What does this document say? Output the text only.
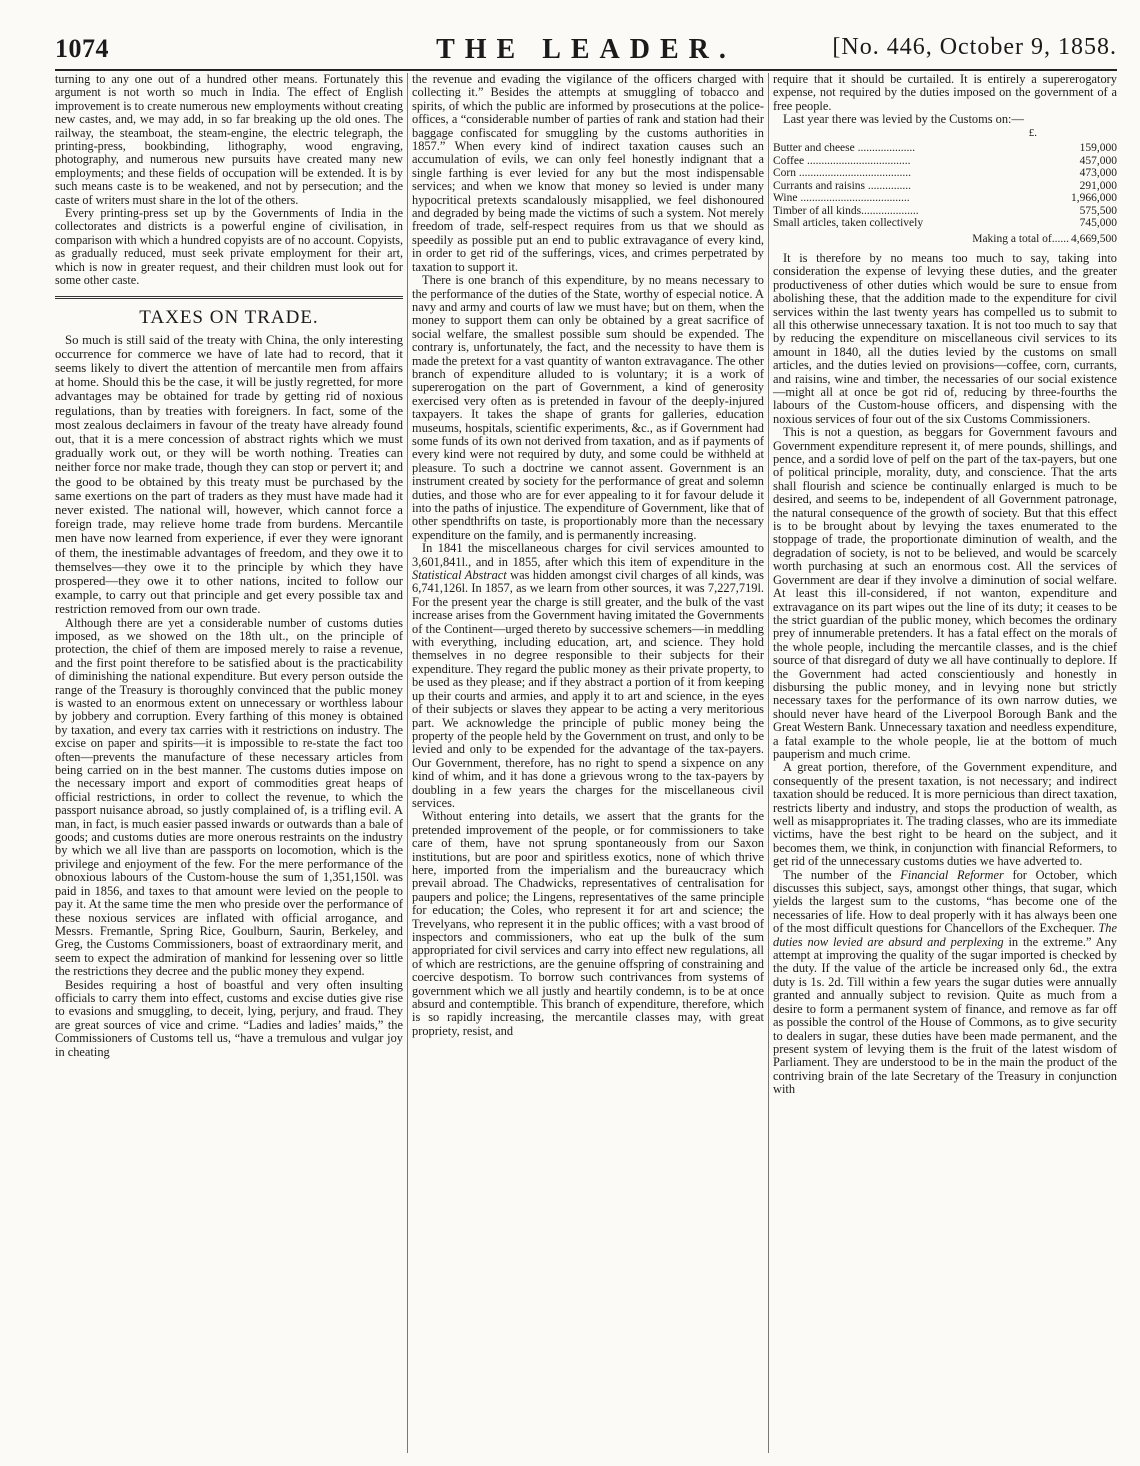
1074	THE LEADER.	[No. 446, October 9, 1858.

turning to any one out of a hundred other means. Fortunately this argument is not worth so much in India. The effect of English improvement is to create numerous new employments without creating new castes, and, we may add, in so far breaking up the old ones. The railway, the steamboat, the steam-engine, the electric telegraph, the printing-press, bookbinding, lithography, wood engraving, photography, and numerous new pursuits have created many new employments; and these fields of occupation will be extended. It is by such means caste is to be weakened, and not by persecution; and the caste of writers must share in the lot of the others.

Every printing-press set up by the Governments of India in the collectorates and districts is a powerful engine of civilisation, in comparison with which a hundred copyists are of no account. Copyists, as gradually reduced, must seek private employment for their art, which is now in greater request, and their children must look out for some other caste.

TAXES ON TRADE.

So much is still said of the treaty with China, the only interesting occurrence for commerce we have of late had to record, that it seems likely to divert the attention of mercantile men from affairs at home. Should this be the case, it will be justly regretted, for more advantages may be obtained for trade by getting rid of noxious regulations, than by treaties with foreigners. In fact, some of the most zealous declaimers in favour of the treaty have already found out, that it is a mere concession of abstract rights which we must gradually work out, or they will be worth nothing. Treaties can neither force nor make trade, though they can stop or pervert it; and the good to be obtained by this treaty must be purchased by the same exertions on the part of traders as they must have made had it never existed. The national will, however, which cannot force a foreign trade, may relieve home trade from burdens. Mercantile men have now learned from experience, if ever they were ignorant of them, the inestimable advantages of freedom, and they owe it to themselves—they owe it to the principle by which they have prospered—they owe it to other nations, incited to follow our example, to carry out that principle and get every possible tax and restriction removed from our own trade.

Although there are yet a considerable number of customs duties imposed, as we showed on the 18th ult., on the principle of protection, the chief of them are imposed merely to raise a revenue, and the first point therefore to be satisfied about is the practicability of diminishing the national expenditure. But every person outside the range of the Treasury is thoroughly convinced that the public money is wasted to an enormous extent on unnecessary or worthless labour by jobbery and corruption. Every farthing of this money is obtained by taxation, and every tax carries with it restrictions on industry. The excise on paper and spirits—it is impossible to re-state the fact too often—prevents the manufacture of these necessary articles from being carried on in the best manner. The customs duties impose on the necessary import and export of commodities great heaps of official restrictions, in order to collect the revenue, to which the passport nuisance abroad, so justly complained of, is a trifling evil. A man, in fact, is much easier passed inwards or outwards than a bale of goods; and customs duties are more onerous restraints on the industry by which we all live than are passports on locomotion, which is the privilege and enjoyment of the few. For the mere performance of the obnoxious labours of the Custom-house the sum of 1,351,150l. was paid in 1856, and taxes to that amount were levied on the people to pay it. At the same time the men who preside over the performance of these noxious services are inflated with official arrogance, and Messrs. Fremantle, Spring Rice, Goulburn, Saurin, Berkeley, and Greg, the Customs Commissioners, boast of extraordinary merit, and seem to expect the admiration of mankind for lessening over so little the restrictions they decree and the public money they expend.

Besides requiring a host of boastful and very often insulting officials to carry them into effect, customs and excise duties give rise to evasions and smuggling, to deceit, lying, perjury, and fraud. They are great sources of vice and crime. “Ladies and ladies’ maids,” the Commissioners of Customs tell us, “have a tremulous and vulgar joy in cheating

the revenue and evading the vigilance of the officers charged with collecting it.” Besides the attempts at smuggling of tobacco and spirits, of which the public are informed by prosecutions at the police-offices, a “considerable number of parties of rank and station had their baggage confiscated for smuggling by the customs authorities in 1857.” When every kind of indirect taxation causes such an accumulation of evils, we can only feel honestly indignant that a single farthing is ever levied for any but the most indispensable services; and when we know that money so levied is under many hypocritical pretexts scandalously misapplied, we feel dishonoured and degraded by being made the victims of such a system. Not merely freedom of trade, self-respect requires from us that we should as speedily as possible put an end to public extravagance of every kind, in order to get rid of the sufferings, vices, and crimes perpetrated by taxation to support it.

There is one branch of this expenditure, by no means necessary to the performance of the duties of the State, worthy of especial notice. A navy and army and courts of law we must have; but on them, when the money to support them can only be obtained by a great sacrifice of social welfare, the smallest possible sum should be expended. The contrary is, unfortunately, the fact, and the necessity to have them is made the pretext for a vast quantity of wanton extravagance. The other branch of expenditure alluded to is voluntary; it is a work of supererogation on the part of Government, a kind of generosity exercised very often as is pretended in favour of the deeply-injured taxpayers. It takes the shape of grants for galleries, education museums, hospitals, scientific experiments, &c., as if Government had some funds of its own not derived from taxation, and as if payments of every kind were not required by duty, and some could be withheld at pleasure. To such a doctrine we cannot assent. Government is an instrument created by society for the performance of great and solemn duties, and those who are for ever appealing to it for favour delude it into the paths of injustice. The expenditure of Government, like that of other spendthrifts on taste, is proportionably more than the necessary expenditure on the family, and is permanently increasing.

In 1841 the miscellaneous charges for civil services amounted to 3,601,841l., and in 1855, after which this item of expenditure in the Statistical Abstract was hidden amongst civil charges of all kinds, was 6,741,126l. In 1857, as we learn from other sources, it was 7,227,719l. For the present year the charge is still greater, and the bulk of the vast increase arises from the Government having imitated the Governments of the Continent—urged thereto by successive schemers—in meddling with everything, including education, art, and science. They hold themselves in no degree responsible to their subjects for their expenditure. They regard the public money as their private property, to be used as they please; and if they abstract a portion of it from keeping up their courts and armies, and apply it to art and science, in the eyes of their subjects or slaves they appear to be acting a very meritorious part. We acknowledge the principle of public money being the property of the people held by the Government on trust, and only to be levied and only to be expended for the advantage of the tax-payers. Our Government, therefore, has no right to spend a sixpence on any kind of whim, and it has done a grievous wrong to the tax-payers by doubling in a few years the charges for the miscellaneous civil services.

Without entering into details, we assert that the grants for the pretended improvement of the people, or for commissioners to take care of them, have not sprung spontaneously from our Saxon institutions, but are poor and spiritless exotics, none of which thrive here, imported from the imperialism and the bureaucracy which prevail abroad. The Chadwicks, representatives of centralisation for paupers and police; the Lingens, representatives of the same principle for education; the Coles, who represent it for art and science; the Trevelyans, who represent it in the public offices; with a vast brood of inspectors and commissioners, who eat up the bulk of the sum appropriated for civil services and carry into effect new regulations, all of which are restrictions, are the genuine offspring of constraining and coercive despotism. To borrow such contrivances from systems of government which we all justly and heartily condemn, is to be at once absurd and contemptible. This branch of expenditure, therefore, which is so rapidly increasing, the mercantile classes may, with great propriety, resist, and

require that it should be curtailed. It is entirely a supererogatory expense, not required by the duties imposed on the government of a free people.

Last year there was levied by the Customs on:—

£.
Butter and cheese ....................	159,000
Coffee ....................................	457,000
Corn .......................................	473,000
Currants and raisins ...............	291,000
Wine ......................................	1,966,000
Timber of all kinds....................	575,500
Small articles, taken collectively	745,000
Making a total of...... 4,669,500

It is therefore by no means too much to say, taking into consideration the expense of levying these duties, and the greater productiveness of other duties which would be sure to ensue from abolishing these, that the addition made to the expenditure for civil services within the last twenty years has compelled us to submit to all this otherwise unnecessary taxation. It is not too much to say that by reducing the expenditure on miscellaneous civil services to its amount in 1840, all the duties levied by the customs on small articles, and the duties levied on provisions—coffee, corn, currants, and raisins, wine and timber, the necessaries of our social existence—might all at once be got rid of, reducing by three-fourths the labours of the Custom-house officers, and dispensing with the noxious services of four out of the six Customs Commissioners.

This is not a question, as beggars for Government favours and Government expenditure represent it, of mere pounds, shillings, and pence, and a sordid love of pelf on the part of the tax-payers, but one of political principle, morality, duty, and conscience. That the arts shall flourish and science be continually enlarged is much to be desired, and seems to be, independent of all Government patronage, the natural consequence of the growth of society. But that this effect is to be brought about by levying the taxes enumerated to the stoppage of trade, the proportionate diminution of wealth, and the degradation of society, is not to be believed, and would be scarcely worth purchasing at such an enormous cost. All the services of Government are dear if they involve a diminution of social welfare. At least this ill-considered, if not wanton, expenditure and extravagance on its part wipes out the line of its duty; it ceases to be the strict guardian of the public money, which becomes the ordinary prey of innumerable pretenders. It has a fatal effect on the morals of the whole people, including the mercantile classes, and is the chief source of that disregard of duty we all have continually to deplore. If the Government had acted conscientiously and honestly in disbursing the public money, and in levying none but strictly necessary taxes for the performance of its own narrow duties, we should never have heard of the Liverpool Borough Bank and the Great Western Bank. Unnecessary taxation and needless expenditure, a fatal example to the whole people, lie at the bottom of much pauperism and much crime.

A great portion, therefore, of the Government expenditure, and consequently of the present taxation, is not necessary; and indirect taxation should be reduced. It is more pernicious than direct taxation, restricts liberty and industry, and stops the production of wealth, as well as misappropriates it. The trading classes, who are its immediate victims, have the best right to be heard on the subject, and it becomes them, we think, in conjunction with financial Reformers, to get rid of the unnecessary customs duties we have adverted to.

The number of the Financial Reformer for October, which discusses this subject, says, amongst other things, that sugar, which yields the largest sum to the customs, “has become one of the necessaries of life. How to deal properly with it has always been one of the most difficult questions for Chancellors of the Exchequer. The duties now levied are absurd and perplexing in the extreme.” Any attempt at improving the quality of the sugar imported is checked by the duty. If the value of the article be increased only 6d., the extra duty is 1s. 2d. Till within a few years the sugar duties were annually granted and annually subject to revision. Quite as much from a desire to form a permanent system of finance, and remove as far off as possible the control of the House of Commons, as to give security to dealers in sugar, these duties have been made permanent, and the present system of levying them is the fruit of the latest wisdom of Parliament. They are understood to be in the main the product of the contriving brain of the late Secretary of the Treasury in conjunction with
